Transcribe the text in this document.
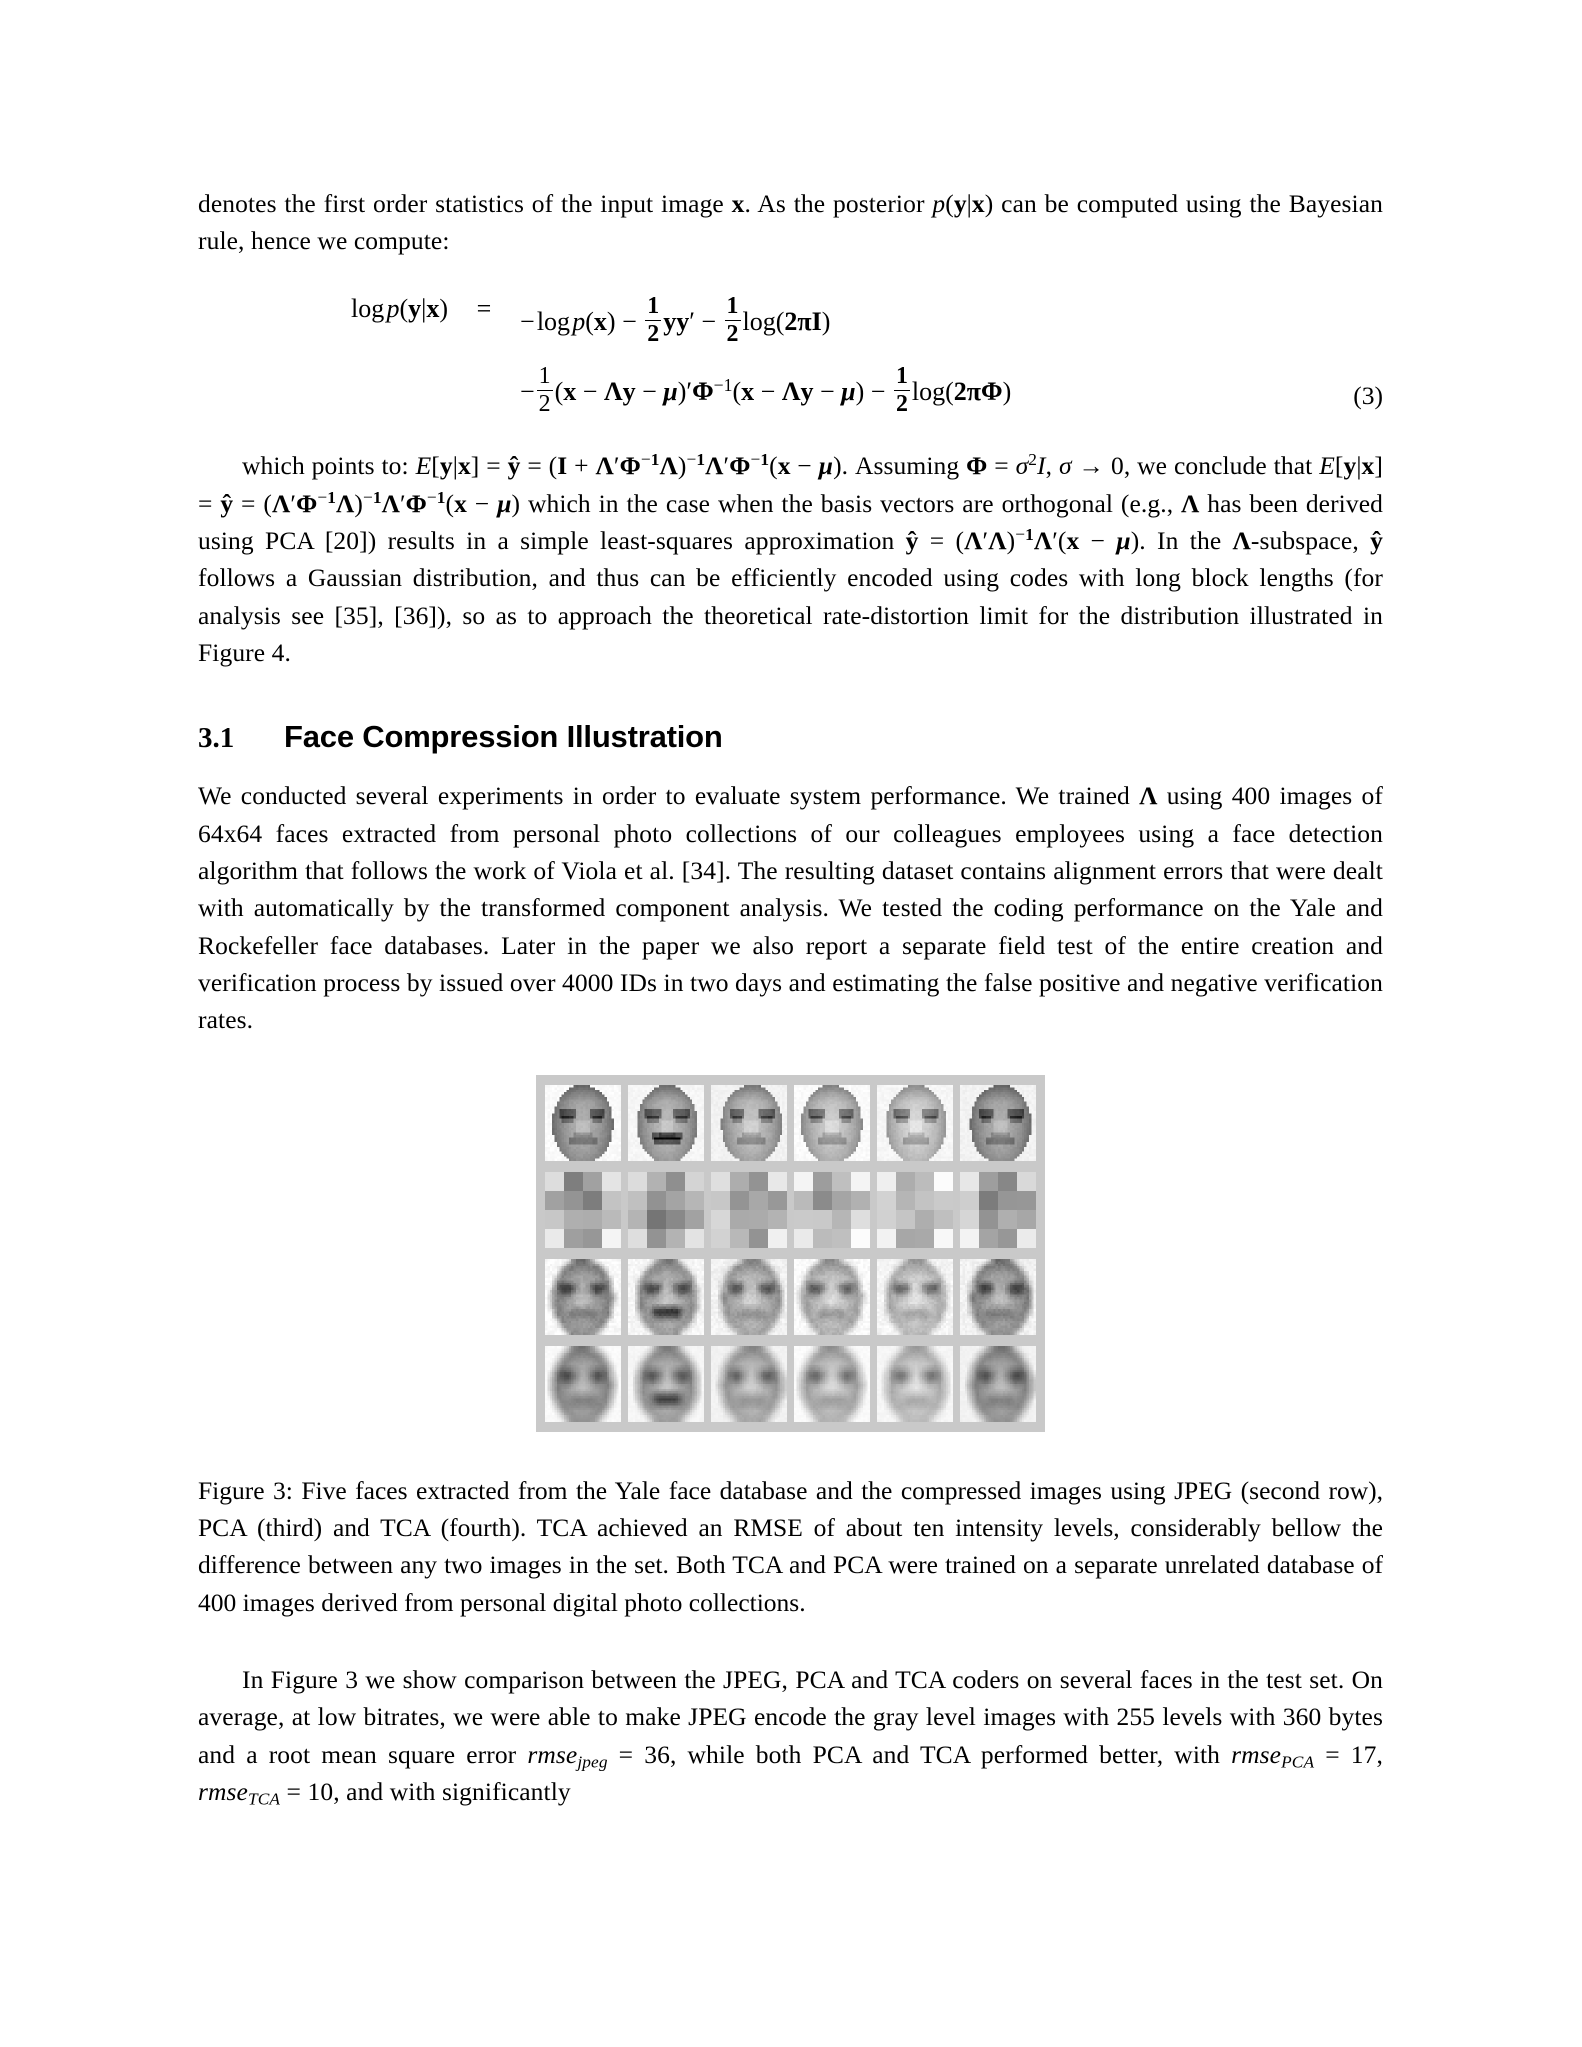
denotes the first order statistics of the input image x. As the posterior p(y|x) can be computed using the Bayesian rule, hence we compute:

log p(y|x)	=	− log $p(x) - \frac{1}{2} yy' - \frac{1}{2} \log(2\pi I)$
− $\frac{1}{2} (x - \Lambda y - \mu)'\Phi^{-1}(x - \Lambda y - \mu) - \frac{1}{2} \log(2\pi\Phi)$	(3)

which points to: E[y|x] = ŷ = $(I + \Lambda'\Phi^{-1}\Lambda)^{-1}\Lambda'\Phi^{-1}(x - \mu)$. Assuming $\Phi = \sigma^2I$, σ → 0, we conclude that E[y|x] = ŷ = $(\Lambda'\Phi^{-1}\Lambda)^{-1}\Lambda'\Phi^{-1}(x - \mu)$ which in the case when the basis vectors are orthogonal (e.g., Λ has been derived using PCA [20]) results in a simple least-squares approximation ŷ = $(\Lambda'\Lambda)^{-1}\Lambda'(x - \mu)$. In the Λ-subspace, ŷ follows a Gaussian distribution, and thus can be efficiently encoded using codes with long block lengths (for analysis see [35], [36]), so as to approach the theoretical rate-distortion limit for the distribution illustrated in Figure 4.

3.1	Face Compression Illustration

We conducted several experiments in order to evaluate system performance. We trained Λ using 400 images of 64x64 faces extracted from personal photo collections of our colleagues employees using a face detection algorithm that follows the work of Viola et al. [34]. The resulting dataset contains alignment errors that were dealt with automatically by the transformed component analysis. We tested the coding performance on the Yale and Rockefeller face databases. Later in the paper we also report a separate field test of the entire creation and verification process by issued over 4000 IDs in two days and estimating the false positive and negative verification rates.

Figure 3: Five faces extracted from the Yale face database and the compressed images using JPEG (second row), PCA (third) and TCA (fourth). TCA achieved an RMSE of about ten intensity levels, considerably bellow the difference between any two images in the set. Both TCA and PCA were trained on a separate unrelated database of 400 images derived from personal digital photo collections.

In Figure 3 we show comparison between the JPEG, PCA and TCA coders on several faces in the test set. On average, at low bitrates, we were able to make JPEG encode the gray level images with 255 levels with 360 bytes and a root mean square error rmse$_{jpeg}$ = 36, while both PCA and TCA performed better, with rmse$_{PCA}$ = 17, rmse$_{TCA}$ = 10, and with significantly
